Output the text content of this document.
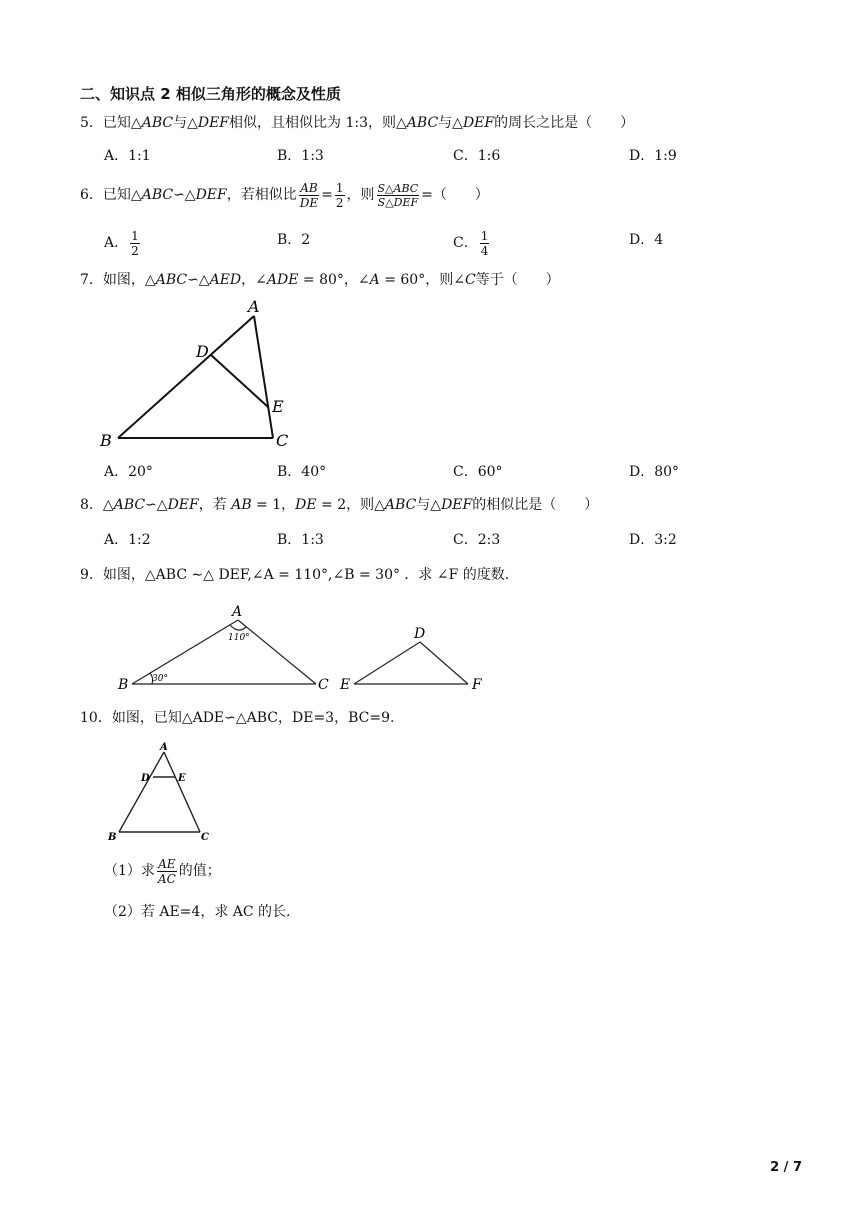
二、知识点 2 相似三角形的概念及性质
5．已知△ABC与△DEF相似，且相似比为 1:3，则△ABC与△DEF的周长之比是（　　）
A．1:1	B．1:3	C．1:6	D．1:9
6．已知△ABC∽△DEF，若相似比 $\frac{AB}{DE} = \frac{1}{2}$ ，则 $\frac{\text{S△ABC}}{\text{S△DEF}}$ =（　　）
A． $\frac{1}{2}$	B．2	C． $\frac{1}{4}$	D．4
7．如图，△ABC∽△AED，∠ADE = 80°，∠A = 60°，则∠C等于（　　）
A
B	C
D
E
A．20°	B．40°	C．60°	D．80°
8．△ABC∽△DEF，若 AB = 1，DE = 2，则△ABC与△DEF的相似比是（　　）
A．1:2	B．1:3	C．2:3	D．3:2
9．如图，△ABC ∼△ DEF,∠A = 110°,∠B = 30° ．求 ∠F 的度数．
A
110°
B	30°	C
D
E	F
10．如图，已知△ADE∽△ABC，DE=3，BC=9.
A
D	E
B	C
（1）求 $\frac{AE}{AC}$ 的值；
（2）若 AE=4，求 AC 的长.
2 / 7
